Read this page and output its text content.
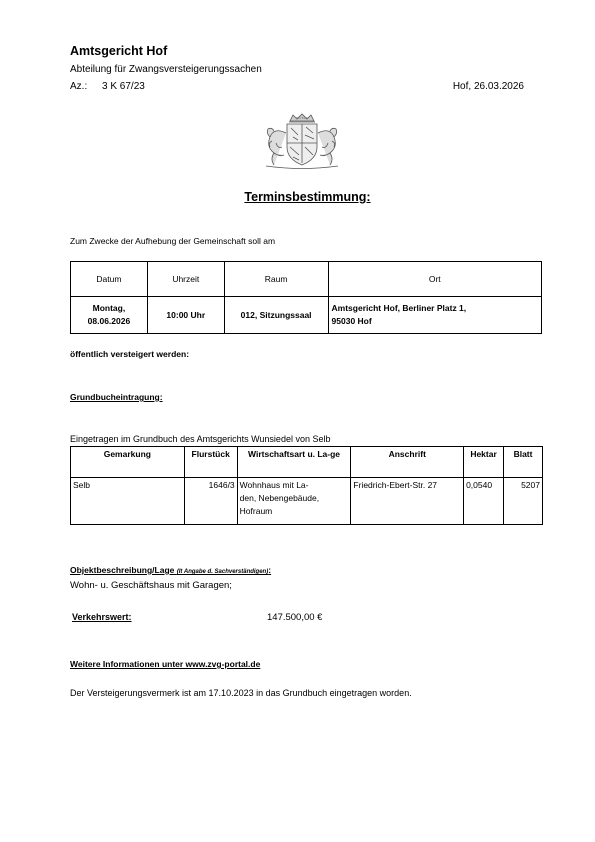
Amtsgericht Hof
Abteilung für Zwangsversteigerungssachen
Az.: 3 K 67/23	Hof, 26.03.2026
BAYERN
Terminsbestimmung:
Zum Zwecke der Aufhebung der Gemeinschaft soll am
Datum	Uhrzeit	Raum	Ort
Montag,
08.06.2026	10:00 Uhr	012, Sitzungssaal	Amtsgericht Hof, Berliner Platz 1,
95030 Hof
öffentlich versteigert werden:
Grundbucheintragung:
Eingetragen im Grundbuch des Amtsgerichts Wunsiedel von Selb
Gemarkung	Flurstück	Wirtschaftsart u. La-ge	Anschrift	Hektar	Blatt
Selb	1646/3	Wohnhaus mit La-
den, Nebengebäude,
Hofraum	Friedrich-Ebert-Str. 27	0,0540	5207
Objektbeschreibung/Lage (lt Angabe d. Sachverständigen):
Wohn- u. Geschäftshaus mit Garagen;
Verkehrswert:	147.500,00 €
Weitere Informationen unter www.zvg-portal.de
Der Versteigerungsvermerk ist am 17.10.2023 in das Grundbuch eingetragen worden.
